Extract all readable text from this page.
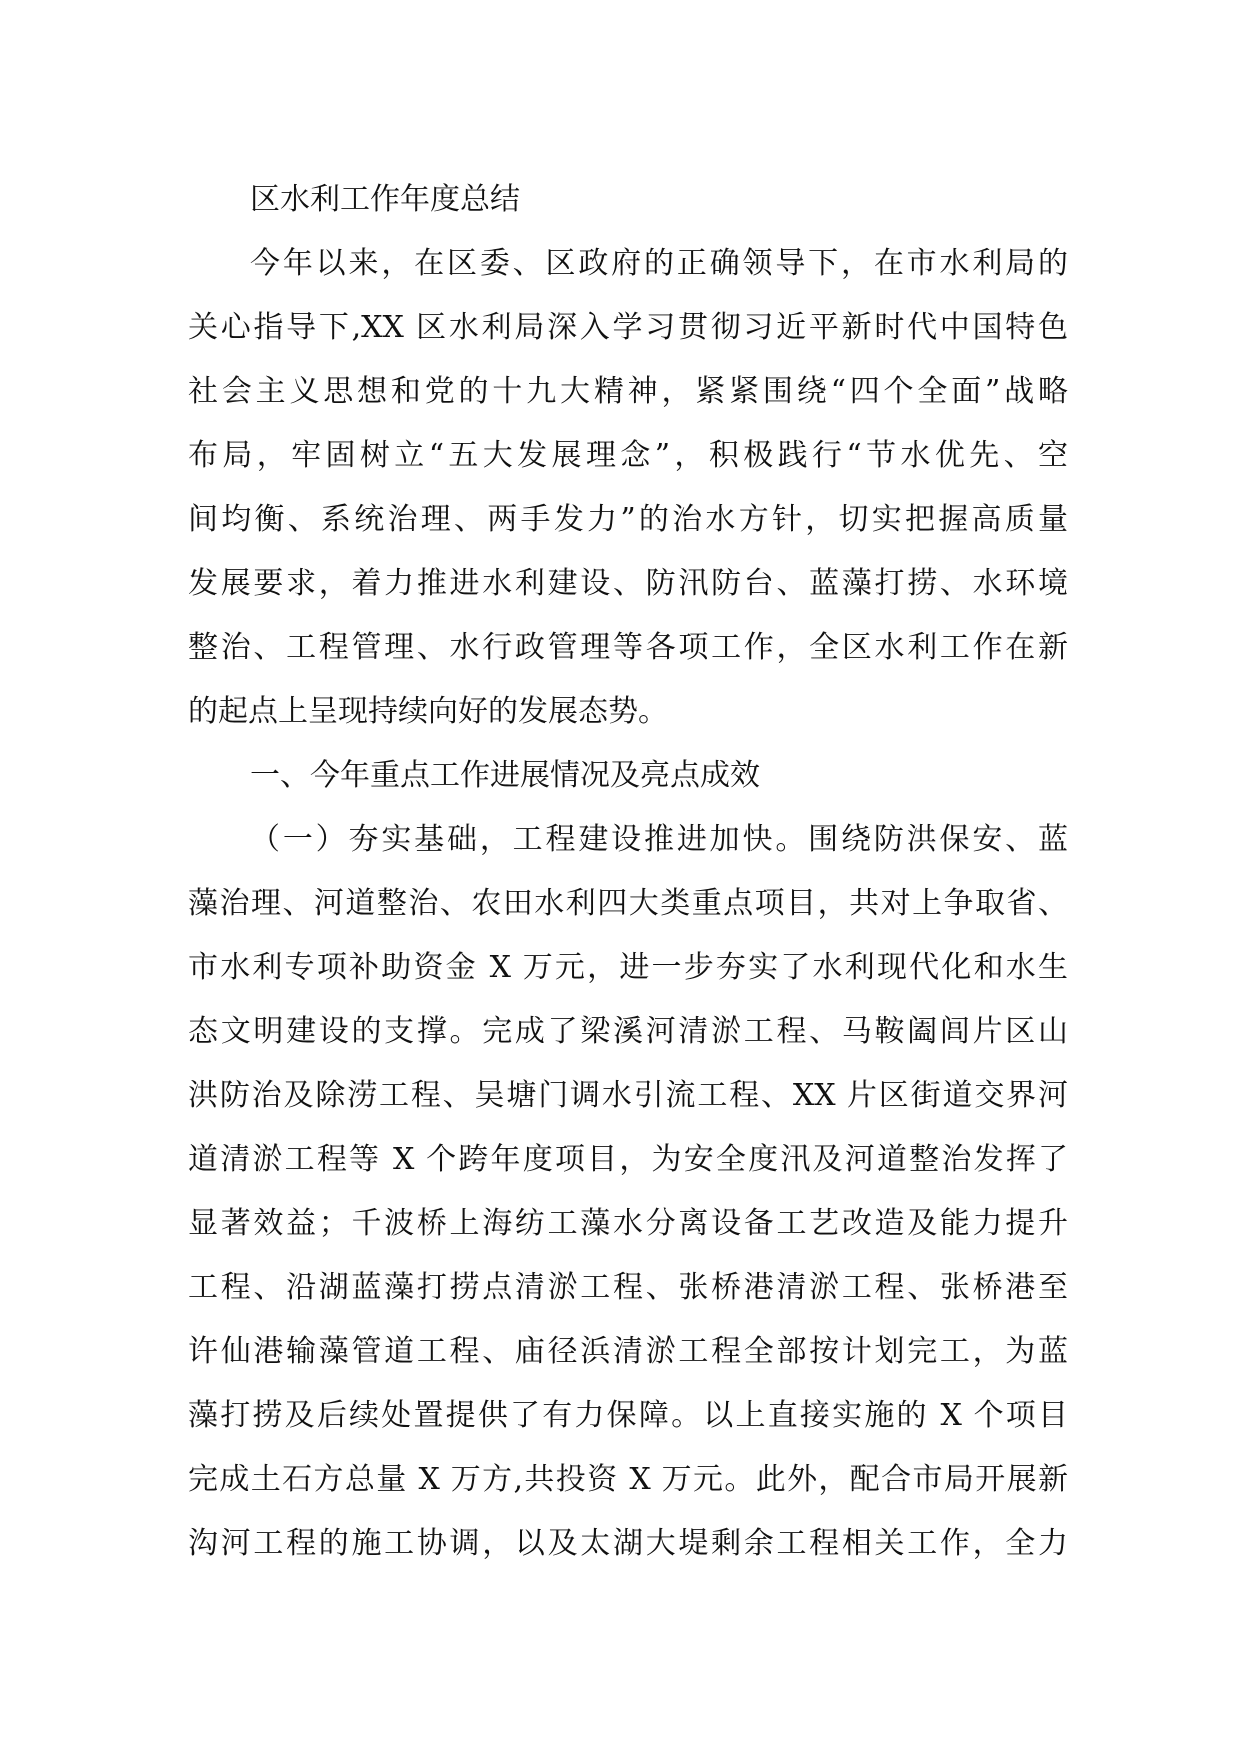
区水利工作年度总结
今年以来，在区委、区政府的正确领导下，在市水利局的
关心指导下,XX 区水利局深入学习贯彻习近平新时代中国特色
社会主义思想和党的十九大精神，紧紧围绕“四个全面”战略
布局，牢固树立“五大发展理念”，积极践行“节水优先、空
间均衡、系统治理、两手发力”的治水方针，切实把握高质量
发展要求，着力推进水利建设、防汛防台、蓝藻打捞、水环境
整治、工程管理、水行政管理等各项工作，全区水利工作在新
的起点上呈现持续向好的发展态势。
一、今年重点工作进展情况及亮点成效
（一）夯实基础，工程建设推进加快。围绕防洪保安、蓝
藻治理、河道整治、农田水利四大类重点项目，共对上争取省、
市水利专项补助资金 X 万元，进一步夯实了水利现代化和水生
态文明建设的支撑。完成了梁溪河清淤工程、马鞍阖闾片区山
洪防治及除涝工程、吴塘门调水引流工程、XX 片区街道交界河
道清淤工程等 X 个跨年度项目，为安全度汛及河道整治发挥了
显著效益；千波桥上海纺工藻水分离设备工艺改造及能力提升
工程、沿湖蓝藻打捞点清淤工程、张桥港清淤工程、张桥港至
许仙港输藻管道工程、庙径浜清淤工程全部按计划完工，为蓝
藻打捞及后续处置提供了有力保障。以上直接实施的 X 个项目
完成土石方总量 X 万方,共投资 X 万元。此外，配合市局开展新
沟河工程的施工协调，以及太湖大堤剩余工程相关工作，全力
